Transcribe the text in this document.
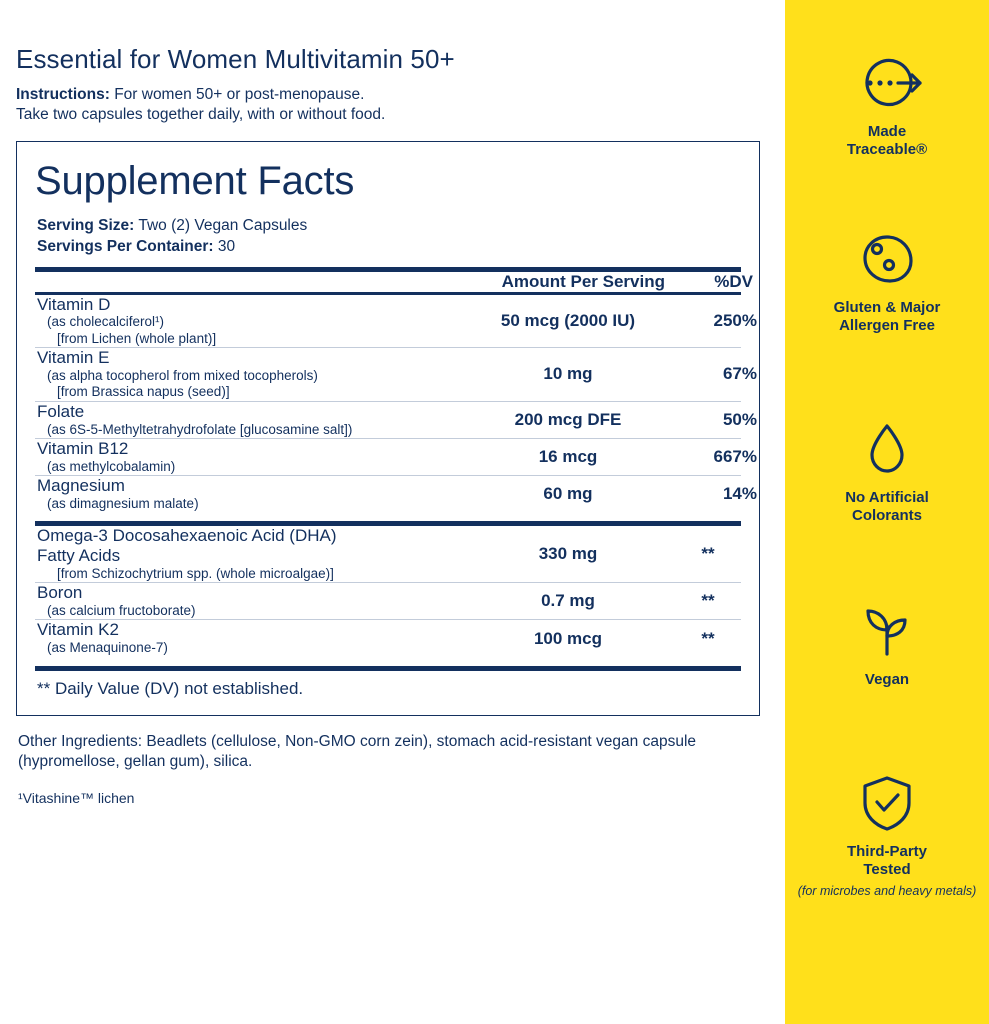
Essential for Women Multivitamin 50+
Instructions: For women 50+ or post-menopause.
Take two capsules together daily, with or without food.
Supplement Facts
Serving Size: Two (2) Vegan Capsules
Servings Per Container: 30
	Amount Per Serving	%DV
Vitamin D
(as cholecalciferol¹)
[from Lichen (whole plant)]
	50 mcg (2000 IU)	250%
Vitamin E
(as alpha tocopherol from mixed tocopherols)
[from Brassica napus (seed)]
	10 mg	67%
Folate
(as 6S-5-Methyltetrahydrofolate [glucosamine salt])
	200 mcg DFE	50%
Vitamin B12
(as methylcobalamin)
	16 mcg	667%
Magnesium
(as dimagnesium malate)
	60 mg	14%
Omega-3 Docosahexaenoic Acid (DHA)
Fatty Acids
[from Schizochytrium spp. (whole microalgae)]
	330 mg	**
Boron
(as calcium fructoborate)
	0.7 mg	**
Vitamin K2
(as Menaquinone-7)
	100 mcg	**
** Daily Value (DV) not established.
Other Ingredients: Beadlets (cellulose, Non-GMO corn zein), stomach acid-resistant vegan capsule (hypromellose, gellan gum), silica.
¹Vitashine™ lichen
Made
Traceable®
Gluten & Major
Allergen Free
No Artificial
Colorants
Vegan
Third-Party
Tested
(for microbes and heavy metals)
